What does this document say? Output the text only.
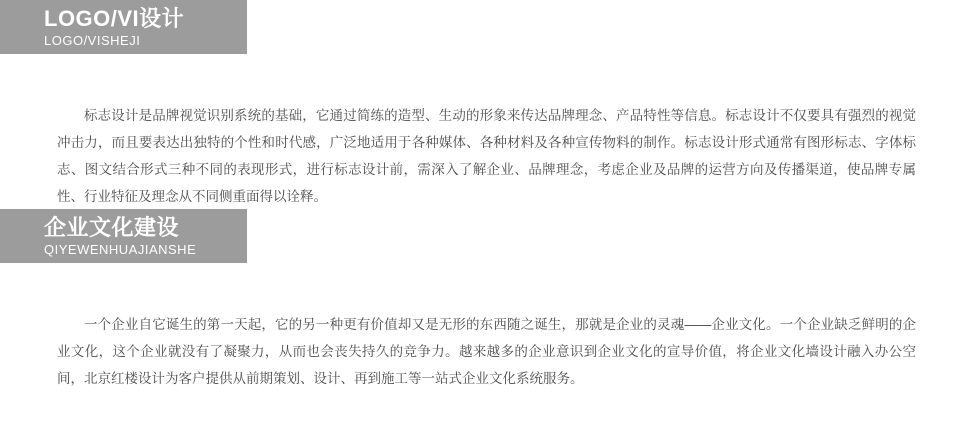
LOGO/VI设计
LOGO/VISHEJI

标志设计是品牌视觉识别系统的基础，它通过简练的造型、生动的形象来传达品牌理念、产品特性等信息。标志设计不仅要具有强烈的视觉冲击力，而且要表达出独特的个性和时代感，广泛地适用于各种媒体、各种材料及各种宣传物料的制作。标志设计形式通常有图形标志、字体标志、图文结合形式三种不同的表现形式，进行标志设计前，需深入了解企业、品牌理念，考虑企业及品牌的运营方向及传播渠道，使品牌专属性、行业特征及理念从不同侧重面得以诠释。

企业文化建设
QIYEWENHUAJIANSHE

一个企业自它诞生的第一天起，它的另一种更有价值却又是无形的东西随之诞生，那就是企业的灵魂——企业文化。一个企业缺乏鲜明的企业文化，这个企业就没有了凝聚力，从而也会丧失持久的竞争力。越来越多的企业意识到企业文化的宣导价值，将企业文化墙设计融入办公空间，北京红楼设计为客户提供从前期策划、设计、再到施工等一站式企业文化系统服务。
